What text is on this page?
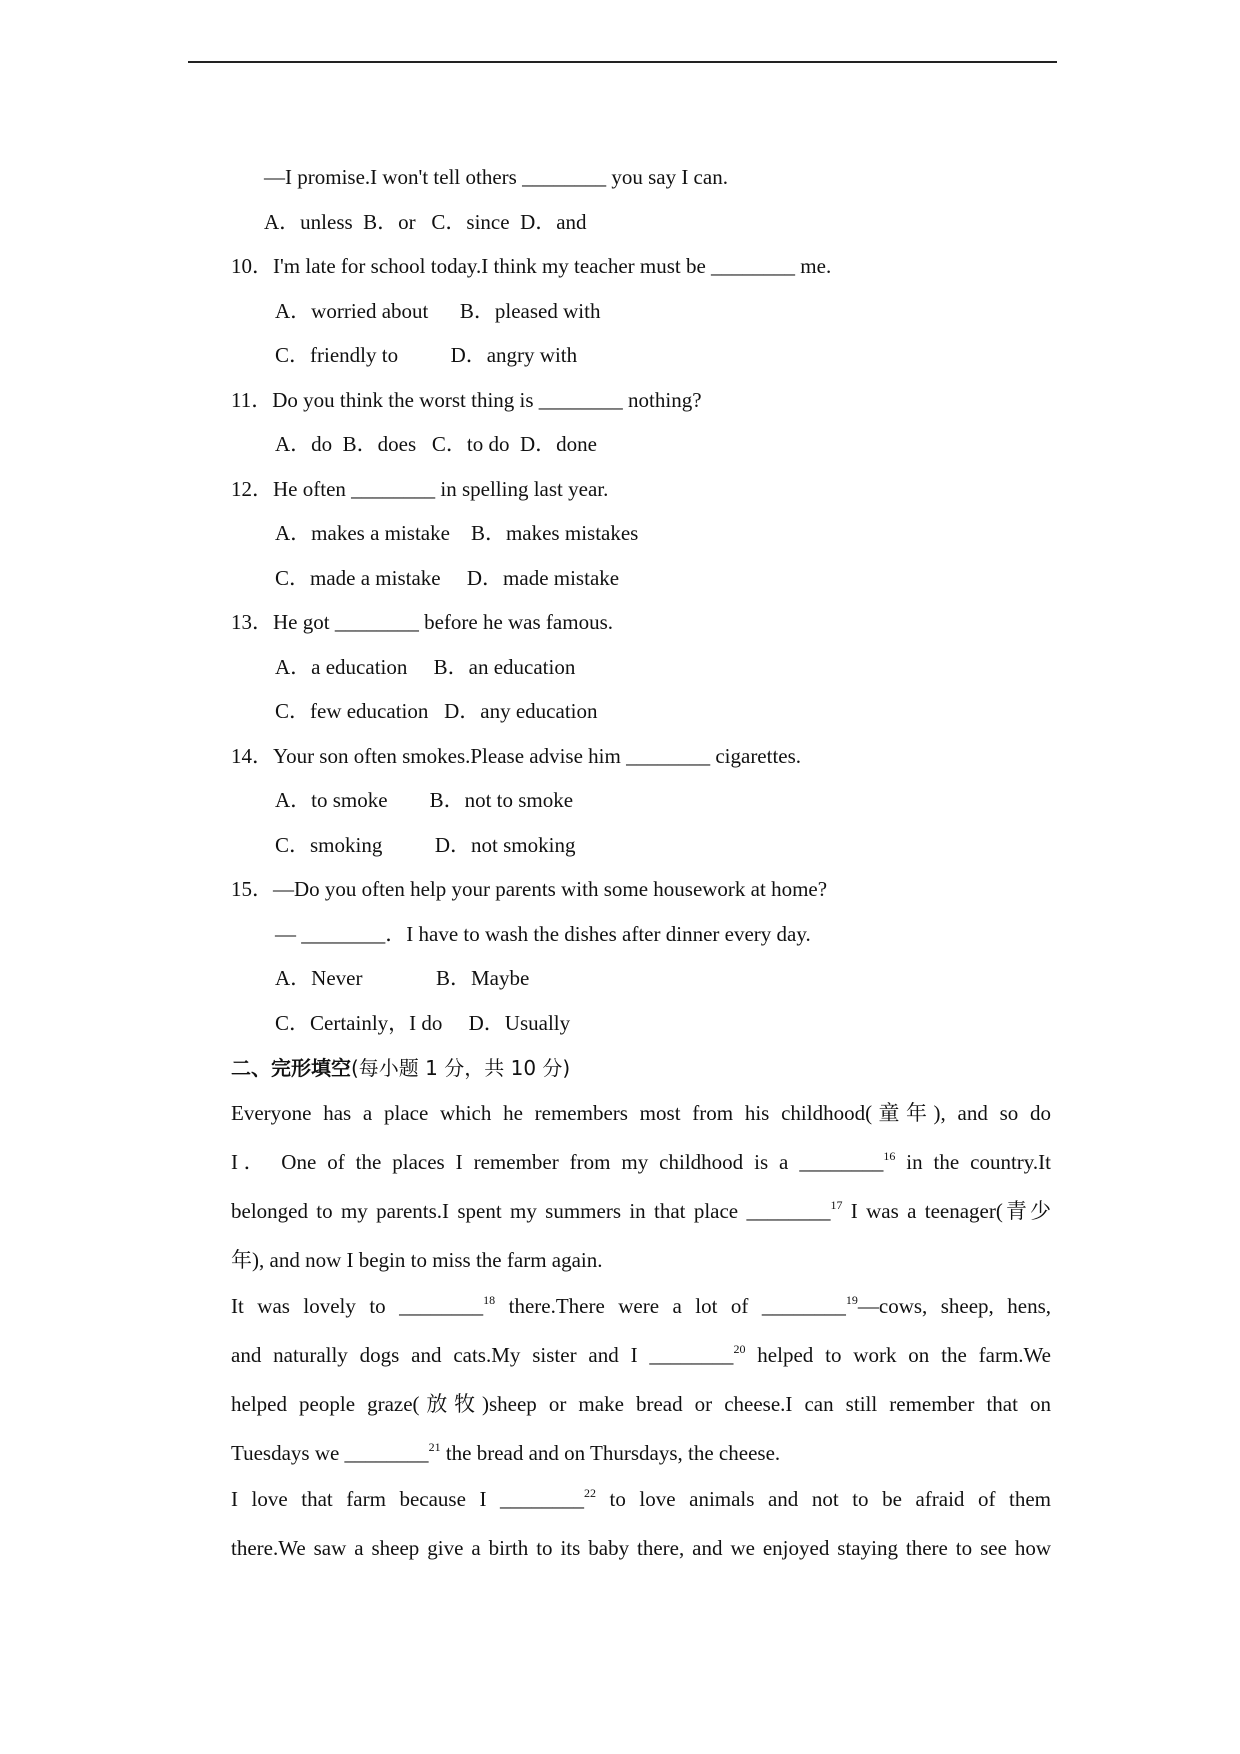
—I promise.I won't tell others ________ you say I can.
A．unless  B．or   C．since  D．and
10．I'm late for school today.I think my teacher must be ________ me.
A．worried about      B．pleased with
C．friendly to          D．angry with
11．Do you think the worst thing is ________ nothing?
A．do  B．does   C．to do  D．done
12．He often ________ in spelling last year.
A．makes a mistake    B．makes mistakes
C．made a mistake     D．made mistake
13．He got ________ before he was famous.
A．a education     B．an education
C．few education   D．any education
14．Your son often smokes.Please advise him ________ cigarettes.
A．to smoke        B．not to smoke
C．smoking          D．not smoking
15．—Do you often help your parents with some housework at home?
— ________．I have to wash the dishes after dinner every day.
A．Never              B．Maybe
C．Certainly，I do     D．Usually
二、完形填空(每小题 1 分，共 10 分)
Everyone has a place which he remembers most from his childhood(童年), and so do
I． One of the places I remember from my childhood is a ________$^{16}$ in the country.It
belonged to my parents.I spent my summers in that place ________$^{17}$ I was a teenager(青少
年), and now I begin to miss the farm again.
It was lovely to ________$^{18}$ there.There were a lot of ________$^{19}$—cows, sheep, hens,
and naturally dogs and cats.My sister and I ________$^{20}$ helped to work on the farm.We
helped people graze(放牧)sheep or make bread or cheese.I can still remember that on
Tuesdays we ________$^{21}$ the bread and on Thursdays, the cheese.
I love that farm because I ________$^{22}$ to love animals and not to be afraid of them
there.We saw a sheep give a birth to its baby there, and we enjoyed staying there to see how
